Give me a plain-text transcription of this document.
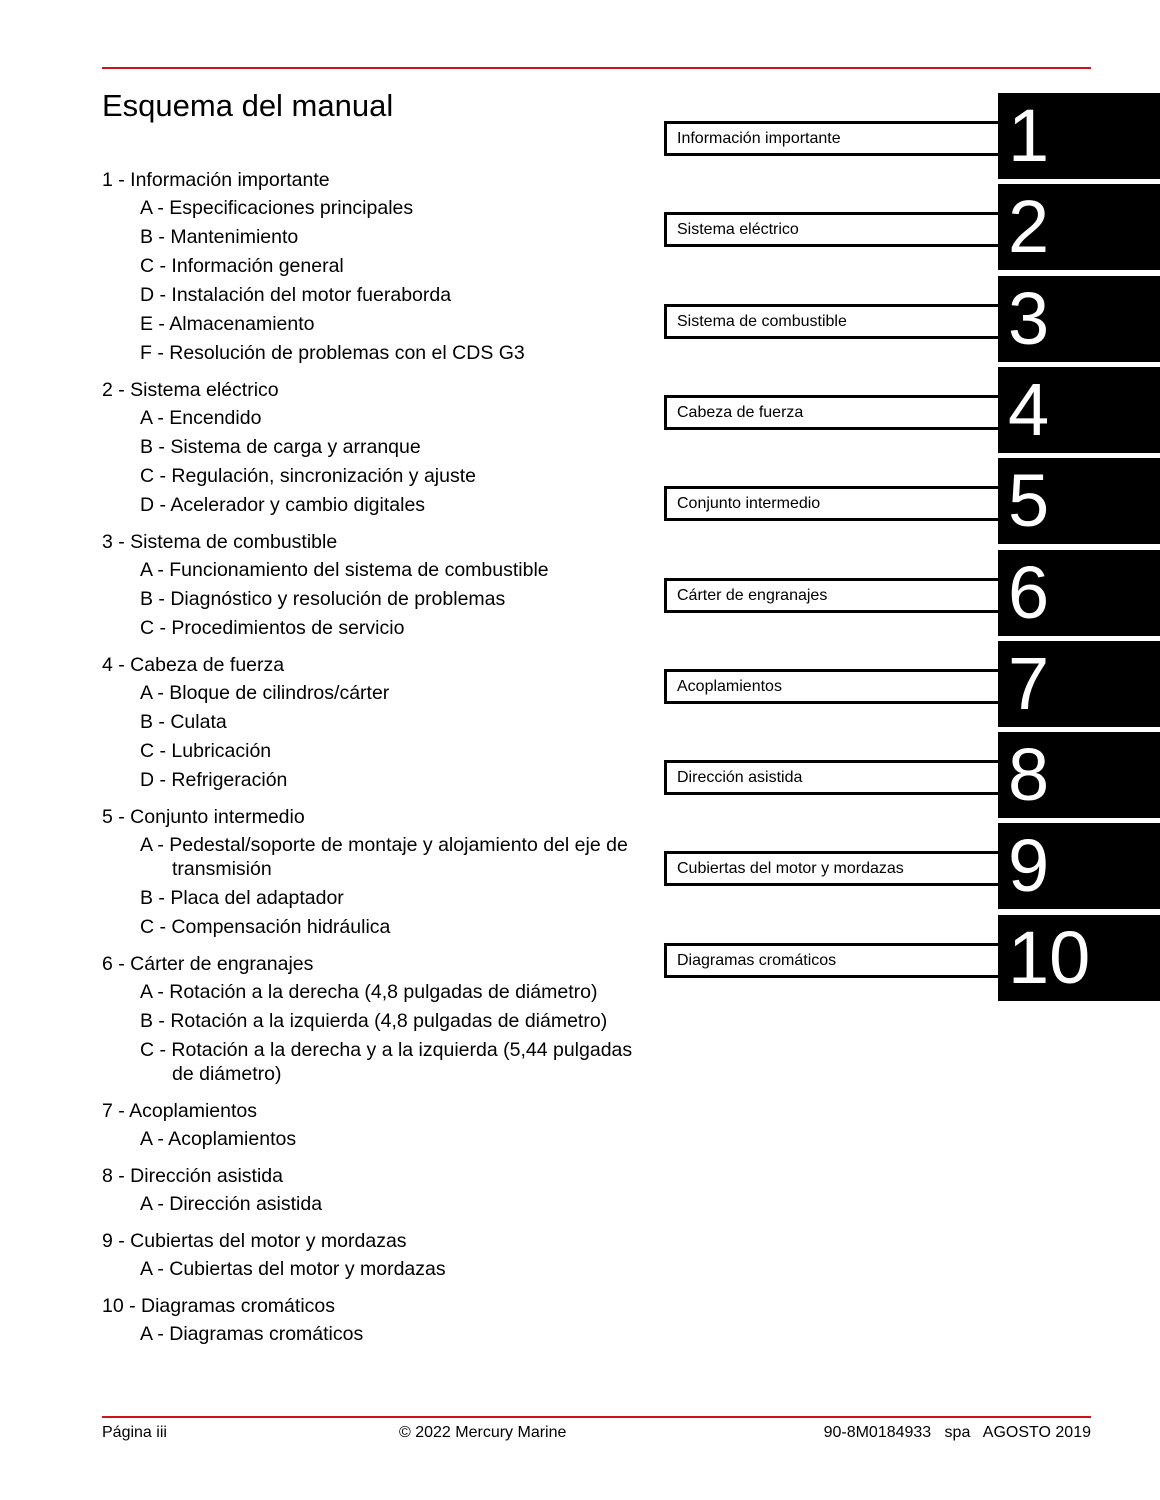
Esquema del manual
1 - Información importante
A - Especificaciones principales
B - Mantenimiento
C - Información general
D - Instalación del motor fueraborda
E - Almacenamiento
F - Resolución de problemas con el CDS G3
2 - Sistema eléctrico
A - Encendido
B - Sistema de carga y arranque
C - Regulación, sincronización y ajuste
D - Acelerador y cambio digitales
3 - Sistema de combustible
A - Funcionamiento del sistema de combustible
B - Diagnóstico y resolución de problemas
C - Procedimientos de servicio
4 - Cabeza de fuerza
A - Bloque de cilindros/cárter
B - Culata
C - Lubricación
D - Refrigeración
5 - Conjunto intermedio
A - Pedestal/soporte de montaje y alojamiento del eje de transmisión
B - Placa del adaptador
C - Compensación hidráulica
6 - Cárter de engranajes
A - Rotación a la derecha (4,8 pulgadas de diámetro)
B - Rotación a la izquierda (4,8 pulgadas de diámetro)
C - Rotación a la derecha y a la izquierda (5,44 pulgadas de diámetro)
7 - Acoplamientos
A - Acoplamientos
8 - Dirección asistida
A - Dirección asistida
9 - Cubiertas del motor y mordazas
A - Cubiertas del motor y mordazas
10 - Diagramas cromáticos
A - Diagramas cromáticos
Información importante 1
Sistema eléctrico	2
Sistema de combustible 3
Cabeza de fuerza	4
Conjunto intermedio	5
Cárter de engranajes 6
Acoplamientos	7
Dirección asistida	8
Cubiertas del motor y mordazas 9
Diagramas cromáticos 10
Página iii	© 2022 Mercury Marine	90-8M0184933   spa   AGOSTO 2019
